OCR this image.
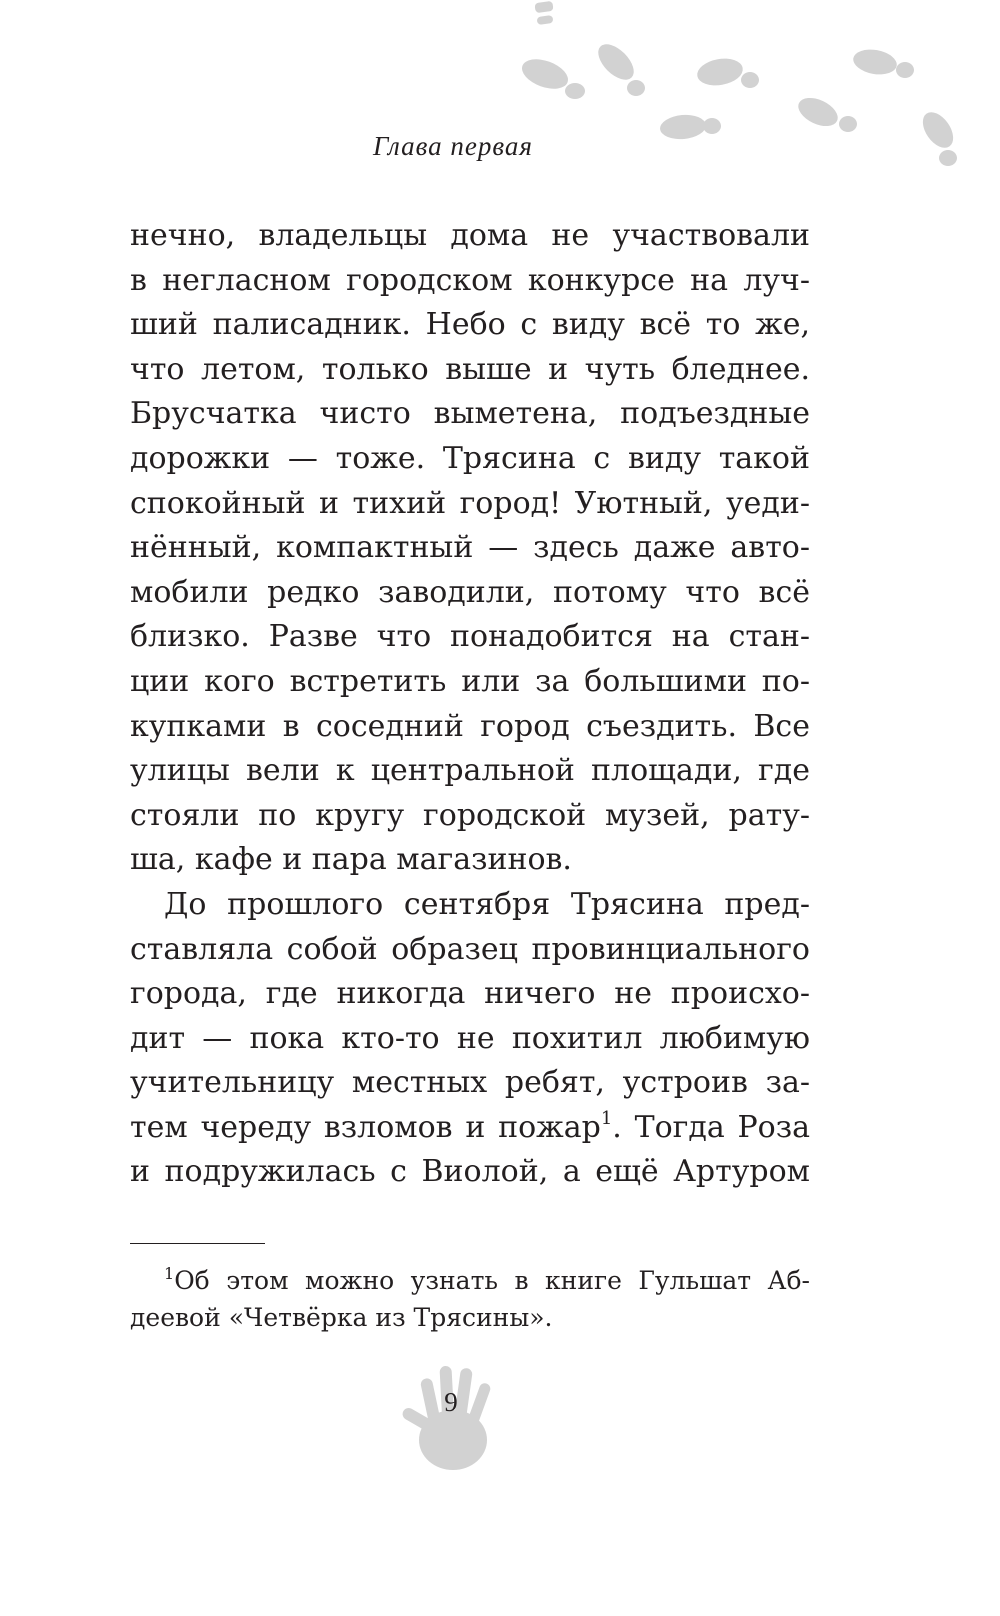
Глава первая

нечно, владельцы дома не участвовали
в негласном городском конкурсе на луч-
ший палисадник. Небо с виду всё то же,
что летом, только выше и чуть бледнее.
Брусчатка чисто выметена, подъездные
дорожки — тоже. Трясина с виду такой
спокойный и тихий город! Уютный, уеди-
нённый, компактный — здесь даже авто-
мобили редко заводили, потому что всё
близко. Разве что понадобится на стан-
ции кого встретить или за большими по-
купками в соседний город съездить. Все
улицы вели к центральной площади, где
стояли по кругу городской музей, рату-
ша, кафе и пара магазинов.
До прошлого сентября Трясина пред-
ставляла собой образец провинциального
города, где никогда ничего не происхо-
дит — пока кто-то не похитил любимую
учительницу местных ребят, устроив за-
тем череду взломов и пожар$^1$. Тогда Роза
и подружилась с Виолой, а ещё Артуром
$^1$Об этом можно узнать в книге Гульшат Аб-
деевой «Четвёрка из Трясины».
9
